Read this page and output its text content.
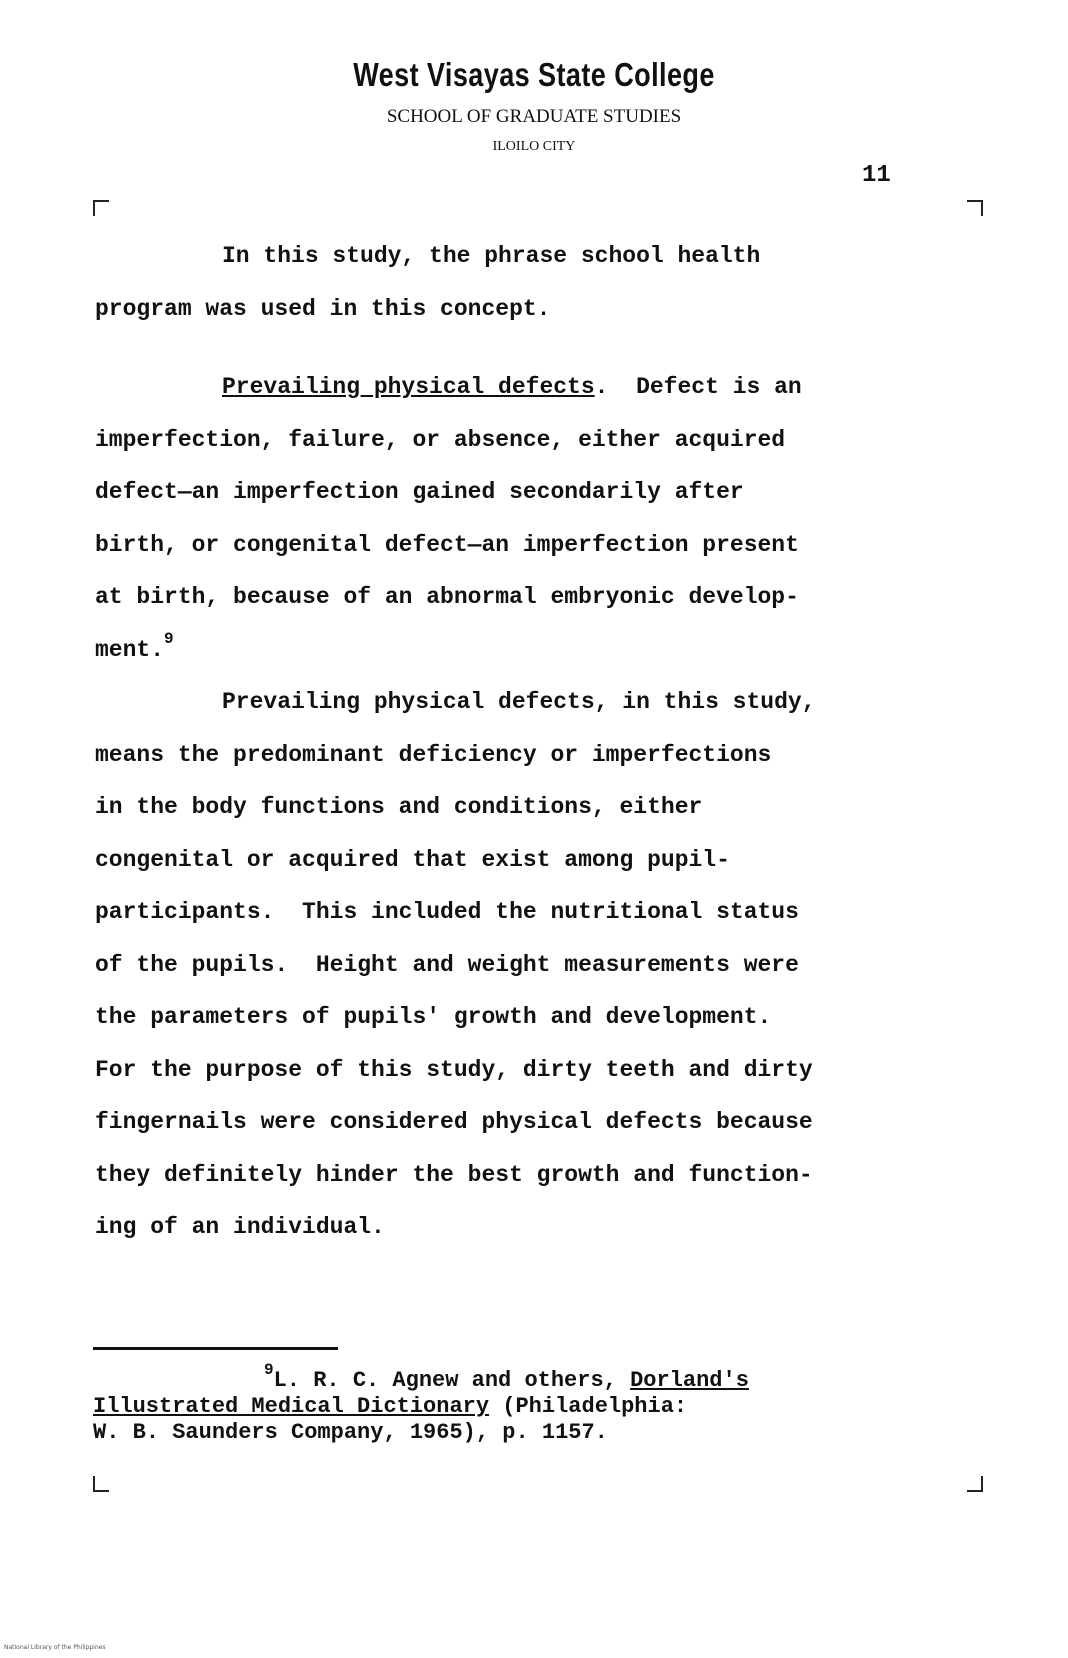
West Visayas State College
SCHOOL OF GRADUATE STUDIES
ILOILO CITY
11
In this study, the phrase school health
program was used in this concept.
Prevailing physical defects.  Defect is an
imperfection, failure, or absence, either acquired
defect—an imperfection gained secondarily after
birth, or congenital defect—an imperfection present
at birth, because of an abnormal embryonic develop-
ment.$^9$
Prevailing physical defects, in this study,
means the predominant deficiency or imperfections
in the body functions and conditions, either
congenital or acquired that exist among pupil-
participants.  This included the nutritional status
of the pupils.  Height and weight measurements were
the parameters of pupils' growth and development.
For the purpose of this study, dirty teeth and dirty
fingernails were considered physical defects because
they definitely hinder the best growth and function-
ing of an individual.
$^9$L. R. C. Agnew and others, Dorland's
Illustrated Medical Dictionary (Philadelphia:
W. B. Saunders Company, 1965), p. 1157.
National Library of the Philippines
